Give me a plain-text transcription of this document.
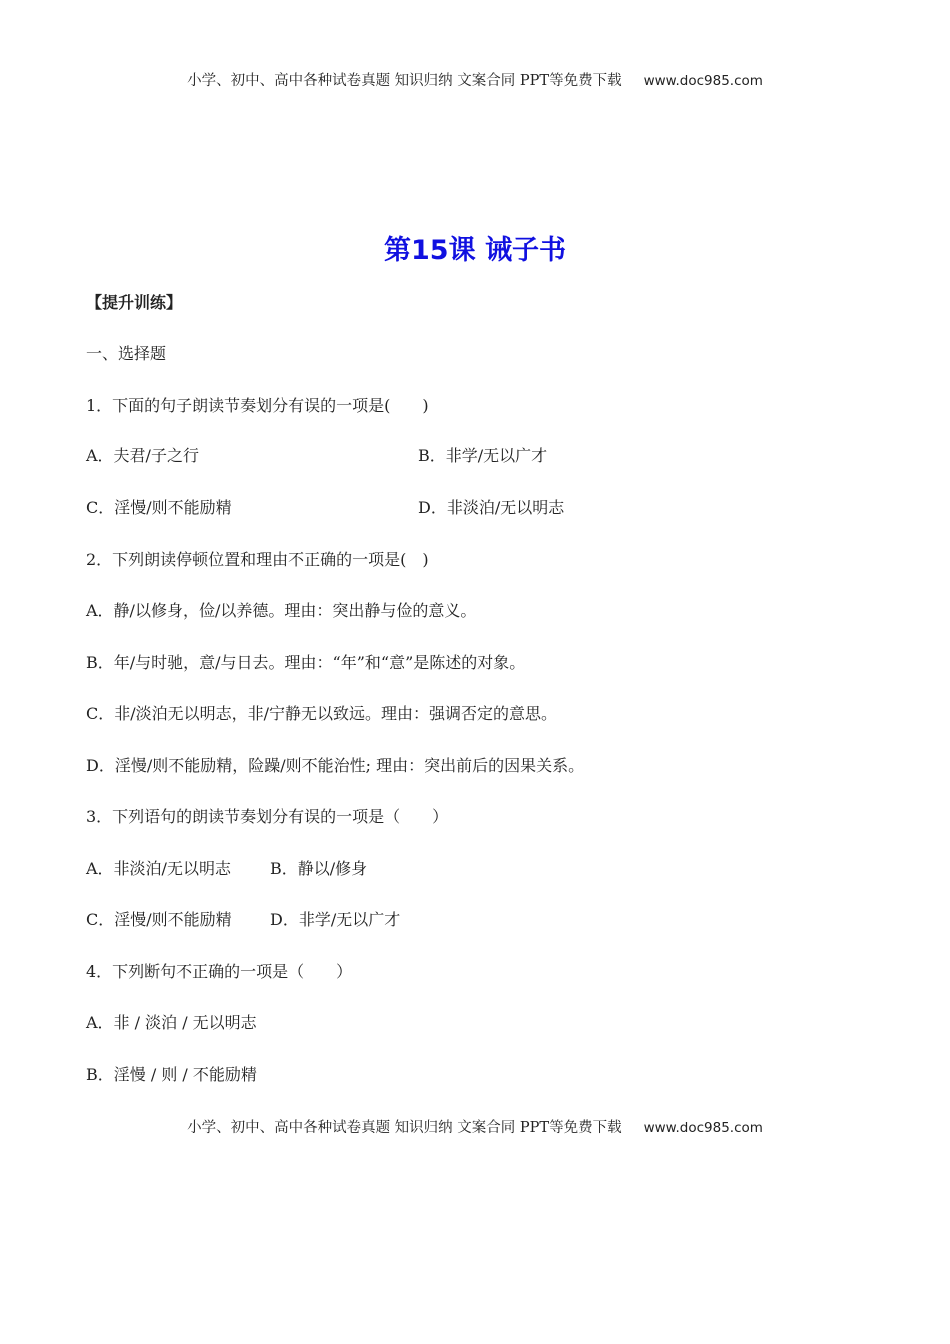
小学、初中、高中各种试卷真题 知识归纳 文案合同 PPT等免费下载 www.doc985.com
第15课 诫子书
【提升训练】
一、选择题
1．下面的句子朗读节奏划分有误的一项是(　　)
A．夫君/子之行	B．非学/无以广才
C．淫慢/则不能励精	D．非淡泊/无以明志
2．下列朗读停顿位置和理由不正确的一项是(　)
A．静/以修身，俭/以养德。理由：突出静与俭的意义。
B．年/与时驰，意/与日去。理由：“年”和“意”是陈述的对象。
C．非/淡泊无以明志，非/宁静无以致远。理由：强调否定的意思。
D．淫慢/则不能励精，险躁/则不能治性; 理由：突出前后的因果关系。
3．下列语句的朗读节奏划分有误的一项是（　　）
A．非淡泊/无以明志 B．静以/修身
C．淫慢/则不能励精 D．非学/无以广才
4．下列断句不正确的一项是（　　）
A．非 / 淡泊 / 无以明志
B．淫慢 / 则 / 不能励精
小学、初中、高中各种试卷真题 知识归纳 文案合同 PPT等免费下载 www.doc985.com
